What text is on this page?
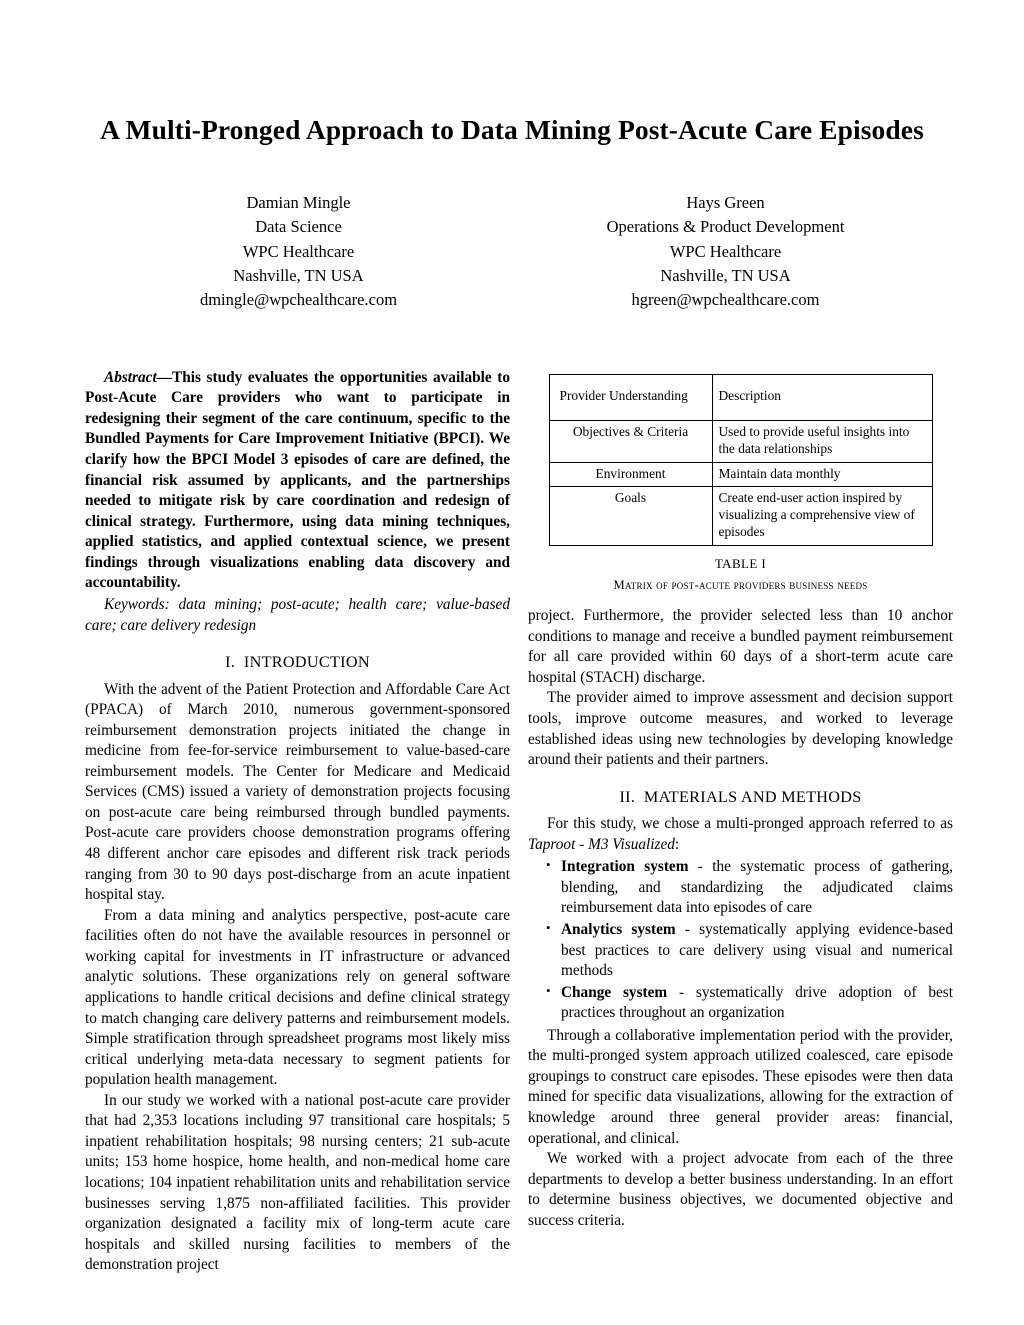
A Multi-Pronged Approach to Data Mining Post-Acute Care Episodes
Damian Mingle
Data Science
WPC Healthcare
Nashville, TN USA
dmingle@wpchealthcare.com
Hays Green
Operations & Product Development
WPC Healthcare
Nashville, TN USA
hgreen@wpchealthcare.com

Abstract—This study evaluates the opportunities available to Post-Acute Care providers who want to participate in redesigning their segment of the care continuum, specific to the Bundled Payments for Care Improvement Initiative (BPCI). We clarify how the BPCI Model 3 episodes of care are defined, the financial risk assumed by applicants, and the partnerships needed to mitigate risk by care coordination and redesign of clinical strategy. Furthermore, using data mining techniques, applied statistics, and applied contextual science, we present findings through visualizations enabling data discovery and accountability.

Keywords: data mining; post-acute; health care; value-based care; care delivery redesign

I. INTRODUCTION

With the advent of the Patient Protection and Affordable Care Act (PPACA) of March 2010, numerous government-sponsored reimbursement demonstration projects initiated the change in medicine from fee-for-service reimbursement to value-based-care reimbursement models. The Center for Medicare and Medicaid Services (CMS) issued a variety of demonstration projects focusing on post-acute care being reimbursed through bundled payments. Post-acute care providers choose demonstration programs offering 48 different anchor care episodes and different risk track periods ranging from 30 to 90 days post-discharge from an acute inpatient hospital stay.

From a data mining and analytics perspective, post-acute care facilities often do not have the available resources in personnel or working capital for investments in IT infrastructure or advanced analytic solutions. These organizations rely on general software applications to handle critical decisions and define clinical strategy to match changing care delivery patterns and reimbursement models. Simple stratification through spreadsheet programs most likely miss critical underlying meta-data necessary to segment patients for population health management.

In our study we worked with a national post-acute care provider that had 2,353 locations including 97 transitional care hospitals; 5 inpatient rehabilitation hospitals; 98 nursing centers; 21 sub-acute units; 153 home hospice, home health, and non-medical home care locations; 104 inpatient rehabilitation units and rehabilitation service businesses serving 1,875 non-affiliated facilities. This provider organization designated a facility mix of long-term acute care hospitals and skilled nursing facilities to members of the demonstration project

Provider Understanding	Description
Objectives & Criteria	Used to provide useful insights into the data relationships
Environment	Maintain data monthly
Goals	Create end-user action inspired by visualizing a comprehensive view of episodes
TABLE I
Matrix of post-acute providers business needs

project. Furthermore, the provider selected less than 10 anchor conditions to manage and receive a bundled payment reimbursement for all care provided within 60 days of a short-term acute care hospital (STACH) discharge.

The provider aimed to improve assessment and decision support tools, improve outcome measures, and worked to leverage established ideas using new technologies by developing knowledge around their patients and their partners.

II. MATERIALS AND METHODS

For this study, we chose a multi-pronged approach referred to as Taproot - M3 Visualized:

• Integration system - the systematic process of gathering, blending, and standardizing the adjudicated claims reimbursement data into episodes of care
• Analytics system - systematically applying evidence-based best practices to care delivery using visual and numerical methods
• Change system - systematically drive adoption of best practices throughout an organization

Through a collaborative implementation period with the provider, the multi-pronged system approach utilized coalesced, care episode groupings to construct care episodes. These episodes were then data mined for specific data visualizations, allowing for the extraction of knowledge around three general provider areas: financial, operational, and clinical.

We worked with a project advocate from each of the three departments to develop a better business understanding. In an effort to determine business objectives, we documented objective and success criteria.
